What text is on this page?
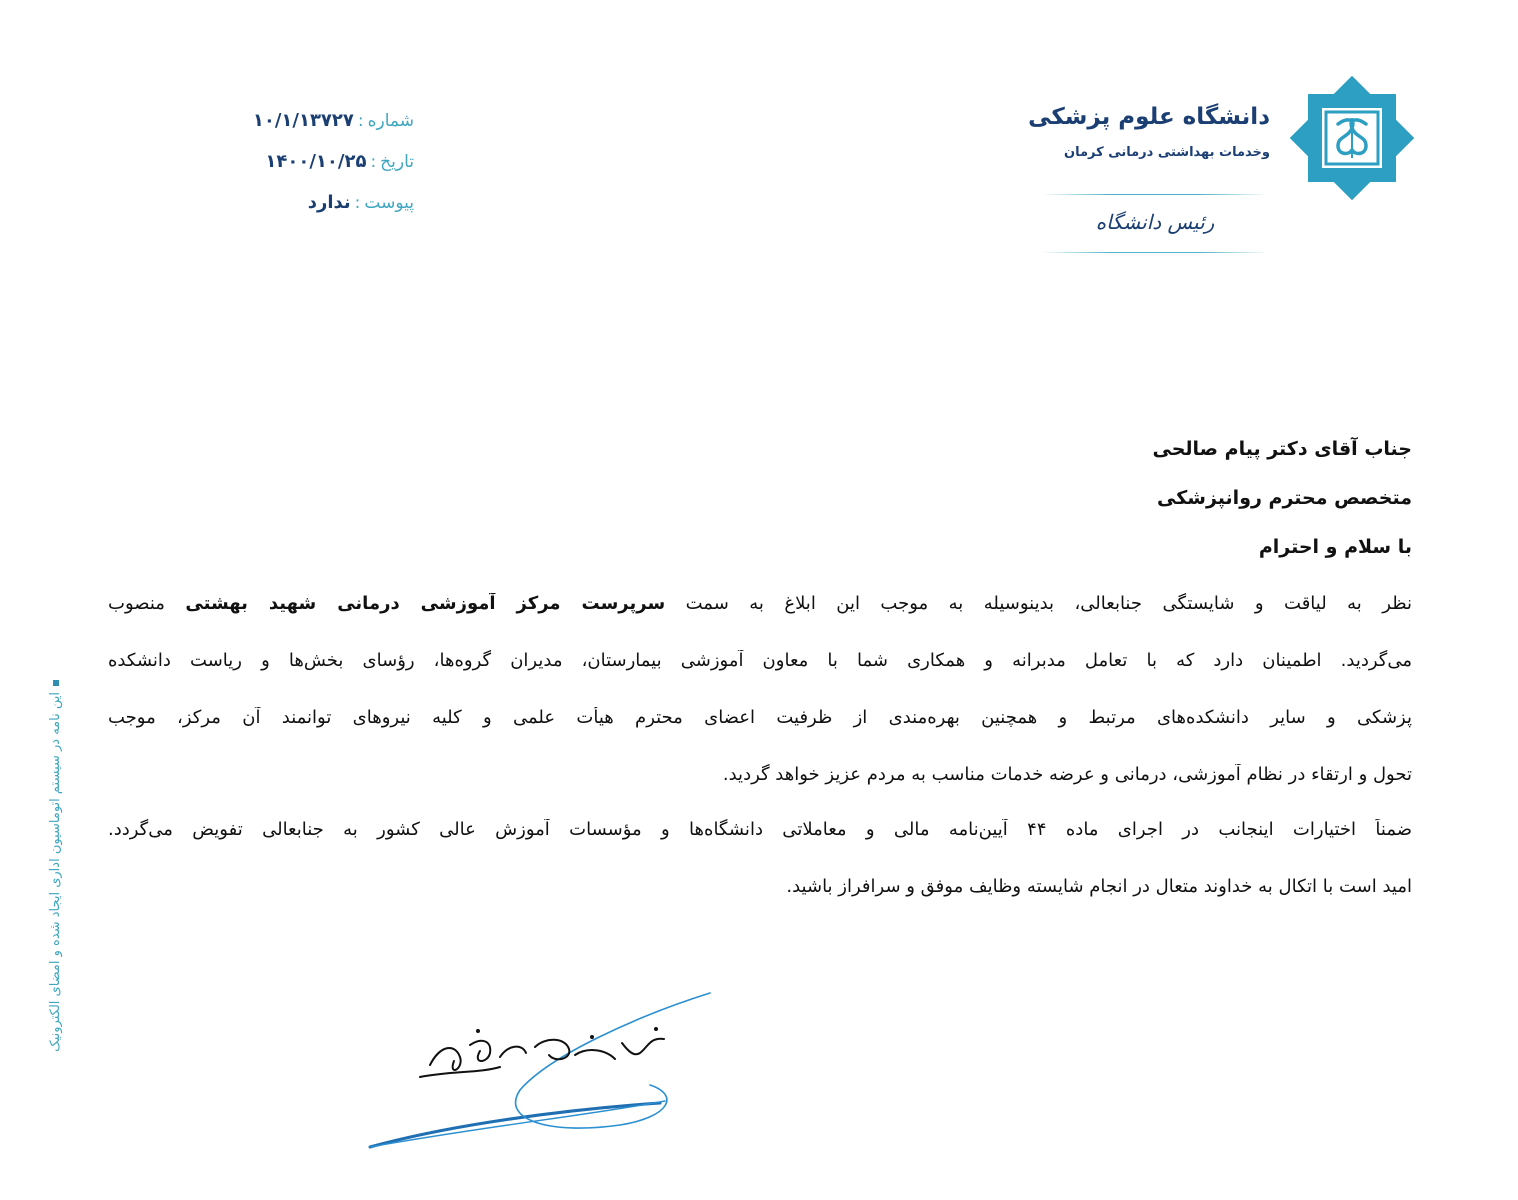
دانشگاه علوم پزشکی
وخدمات بهداشتی درمانی کرمان
رئیس دانشگاه
شماره:۱۰/۱/۱۳۷۲۷
تاریخ:۱۴۰۰/۱۰/۲۵
پیوست:ندارد
جناب آقای دکتر پیام صالحی
متخصص محترم روانپزشکی
با سلام و احترام
نظر به لیاقت و شایستگی جنابعالی، بدینوسیله به موجب این ابلاغ به سمت سرپرست مرکز آموزشی درمانی شهید بهشتی منصوب
می‌گردید. اطمینان دارد که با تعامل مدبرانه و همکاری شما با معاون آموزشی بیمارستان، مدیران گروه‌ها، رؤسای بخش‌ها و ریاست دانشکده
پزشکی و سایر دانشکده‌های مرتبط و همچنین بهره‌مندی از ظرفیت اعضای محترم هیأت علمی و کلیه نیروهای توانمند آن مرکز، موجب
تحول و ارتقاء در نظام آموزشی، درمانی و عرضه خدمات مناسب به مردم عزیز خواهد گردید.
ضمناً اختیارات اینجانب در اجرای ماده ۴۴ آیین‌نامه مالی و معاملاتی دانشگاه‌ها و مؤسسات آموزش عالی کشور به جنابعالی تفویض می‌گردد.
امید است با اتکال به خداوند متعال در انجام شایسته وظایف موفق و سرافراز باشید.
این نامه در سیستم اتوماسیون اداری ایجاد شده و امضای الکترونیک
